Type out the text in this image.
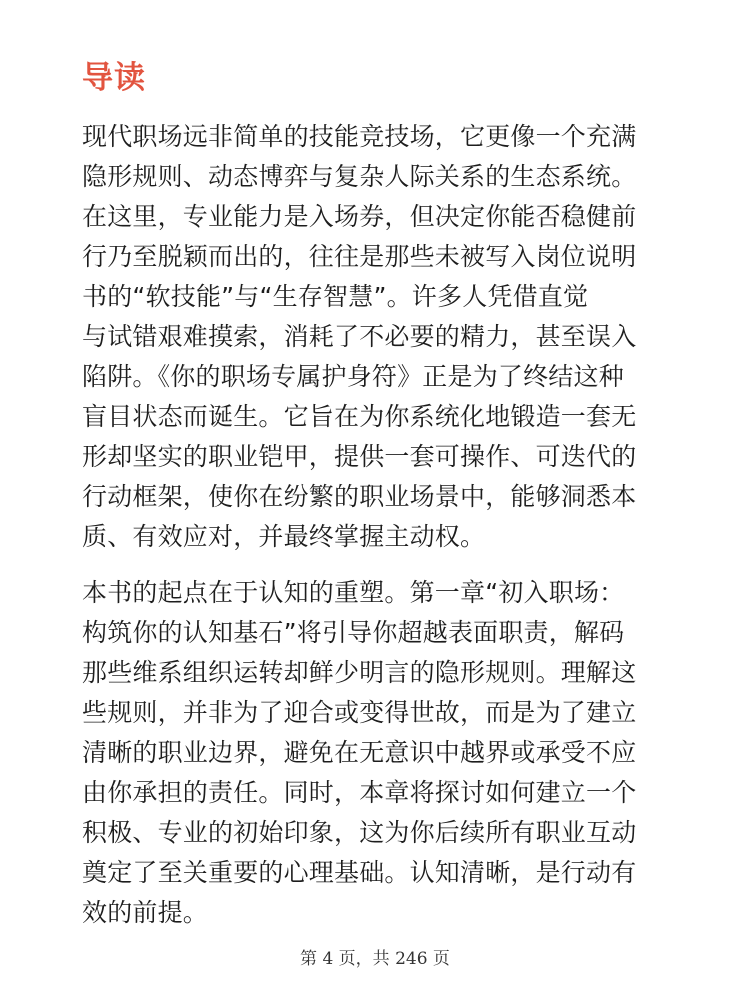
导读
现代职场远非简单的技能竞技场，它更像一个充满
隐形规则、动态博弈与复杂人际关系的生态系统。
在这里，专业能力是入场券，但决定你能否稳健前
行乃至脱颖而出的，往往是那些未被写入岗位说明
书的“软技能”与“生存智慧”。许多人凭借直觉
与试错艰难摸索，消耗了不必要的精力，甚至误入
陷阱。《你的职场专属护身符》正是为了终结这种
盲目状态而诞生。它旨在为你系统化地锻造一套无
形却坚实的职业铠甲，提供一套可操作、可迭代的
行动框架，使你在纷繁的职业场景中，能够洞悉本
质、有效应对，并最终掌握主动权。
本书的起点在于认知的重塑。第一章“初入职场：
构筑你的认知基石”将引导你超越表面职责，解码
那些维系组织运转却鲜少明言的隐形规则。理解这
些规则，并非为了迎合或变得世故，而是为了建立
清晰的职业边界，避免在无意识中越界或承受不应
由你承担的责任。同时，本章将探讨如何建立一个
积极、专业的初始印象，这为你后续所有职业互动
奠定了至关重要的心理基础。认知清晰，是行动有
效的前提。
第 4 页，共 246 页
